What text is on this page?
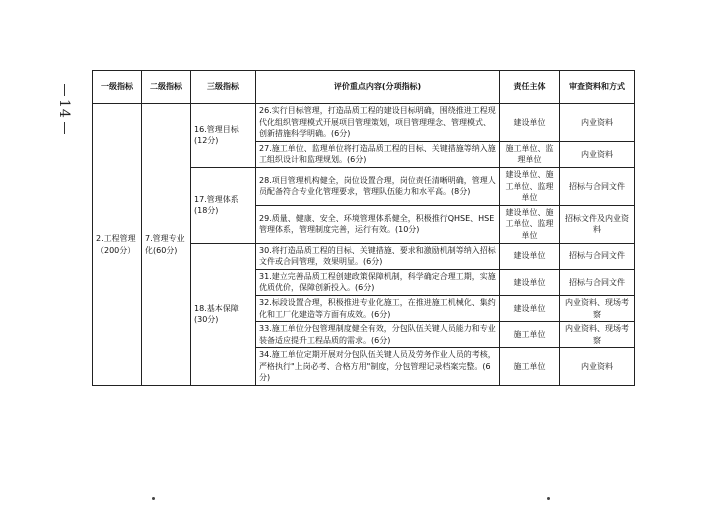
14
一级指标	二级指标	三级指标	评价重点内容(分项指标)	责任主体	审查资料和方式
2.工程管理（200分）	7.管理专业化(60分)	16.管理目标(12分)	26.实行目标管理，打造品质工程的建设目标明确，围绕推进工程现代化组织管理模式开展项目管理策划，项目管理理念、管理模式、创新措施科学明确。(6分)	建设单位	内业资料
			27.施工单位、监理单位将打造品质工程的目标、关键措施等纳入施工组织设计和监理规划。(6分)	施工单位、监理单位	内业资料
		17.管理体系(18分)	28.项目管理机构健全，岗位设置合理，岗位责任清晰明确，管理人员配备符合专业化管理要求，管理队伍能力和水平高。(8分)	建设单位、施工单位、监理单位	招标与合同文件
			29.质量、健康、安全、环境管理体系健全，积极推行QHSE、HSE管理体系，管理制度完善，运行有效。(10分)	建设单位、施工单位、监理单位	招标文件及内业资料
		18.基本保障(30分)	30.将打造品质工程的目标、关键措施、要求和激励机制等纳入招标文件或合同管理，效果明显。(6分)	建设单位	招标与合同文件
			31.建立完善品质工程创建政策保障机制，科学确定合理工期，实施优质优价，保障创新投入。(6分)	建设单位	招标与合同文件
			32.标段设置合理，积极推进专业化施工，在推进施工机械化、集约化和工厂化建造等方面有成效。(6分)	建设单位	内业资料、现场考察
			33.施工单位分包管理制度健全有效，分包队伍关键人员能力和专业装备适应提升工程品质的需求。(6分)	施工单位	内业资料、现场考察
			34.施工单位定期开展对分包队伍关键人员及劳务作业人员的考核，严格执行"上岗必考、合格方用"制度，分包管理记录档案完整。(6分)	施工单位	内业资料
